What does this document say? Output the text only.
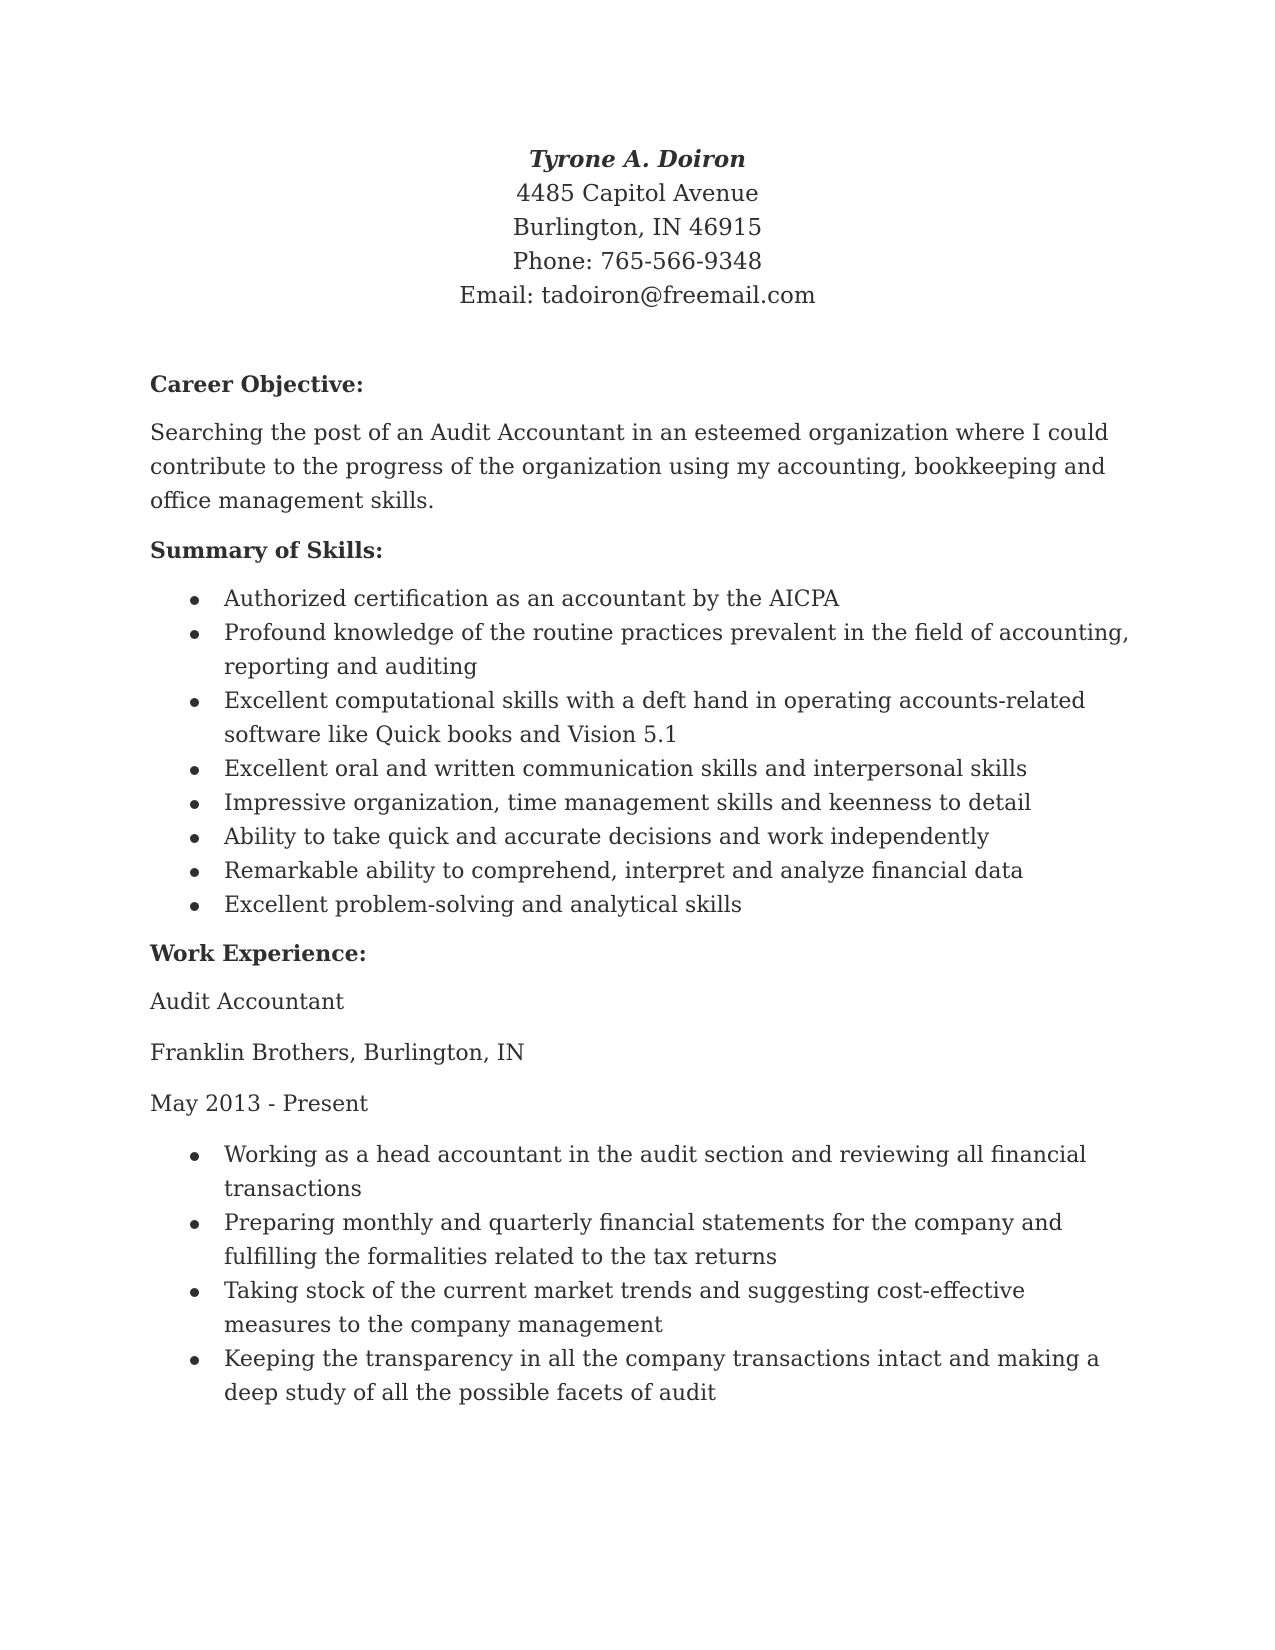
Tyrone A. Doiron
4485 Capitol Avenue
Burlington, IN 46915
Phone: 765-566-9348
Email: tadoiron@freemail.com
Career Objective:
Searching the post of an Audit Accountant in an esteemed organization where I could contribute to the progress of the organization using my accounting, bookkeeping and office management skills.
Summary of Skills:
Authorized certification as an accountant by the AICPA
Profound knowledge of the routine practices prevalent in the field of accounting, reporting and auditing
Excellent computational skills with a deft hand in operating accounts-related software like Quick books and Vision 5.1
Excellent oral and written communication skills and interpersonal skills
Impressive organization, time management skills and keenness to detail
Ability to take quick and accurate decisions and work independently
Remarkable ability to comprehend, interpret and analyze financial data
Excellent problem-solving and analytical skills
Work Experience:
Audit Accountant
Franklin Brothers, Burlington, IN
May 2013 - Present
Working as a head accountant in the audit section and reviewing all financial transactions
Preparing monthly and quarterly financial statements for the company and fulfilling the formalities related to the tax returns
Taking stock of the current market trends and suggesting cost-effective measures to the company management
Keeping the transparency in all the company transactions intact and making a deep study of all the possible facets of audit
